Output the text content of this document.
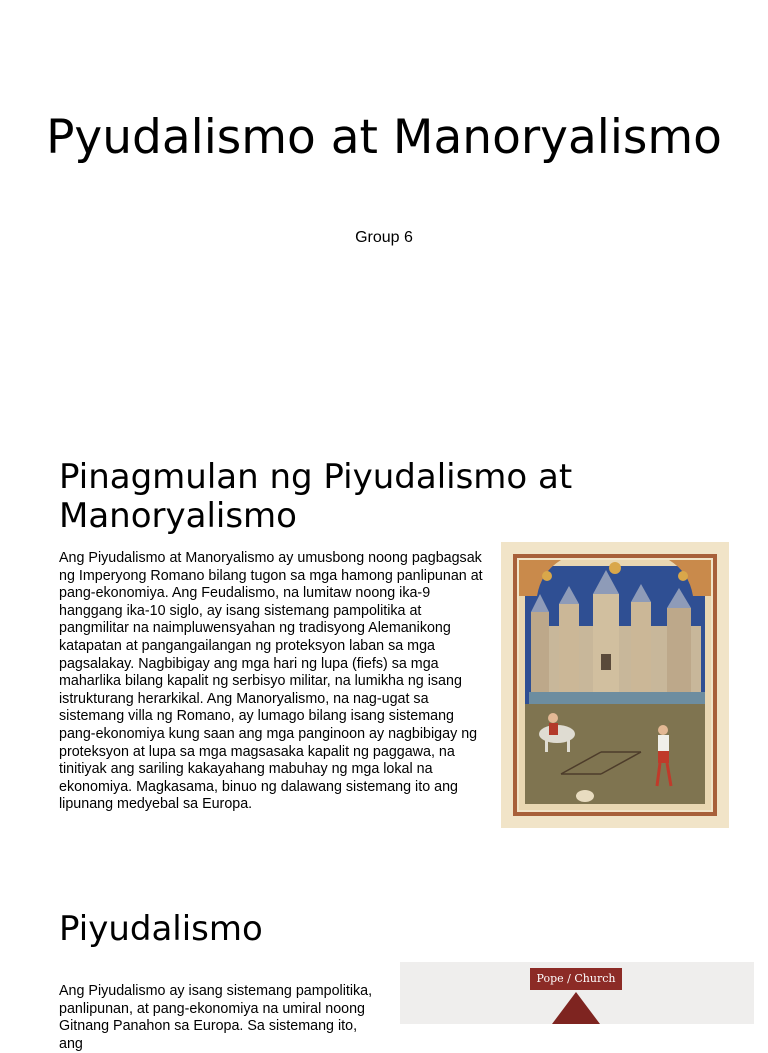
Pyudalismo at Manoryalismo
Group 6
Pinagmulan ng Piyudalismo at Manoryalismo

Ang Piyudalismo at Manoryalismo ay umusbong noong pagbagsak ng Imperyong Romano bilang tugon sa mga hamong panlipunan at pang-ekonomiya. Ang Feudalismo, na lumitaw noong ika-9 hanggang ika-10 siglo, ay isang sistemang pampolitika at pangmilitar na naimpluwensyahan ng tradisyong Alemanikong katapatan at pangangailangan ng proteksyon laban sa mga pagsalakay. Nagbibigay ang mga hari ng lupa (fiefs) sa mga maharlika bilang kapalit ng serbisyo militar, na lumikha ng isang istrukturang herarkikal. Ang Manoryalismo, na nag-ugat sa sistemang villa ng Romano, ay lumago bilang isang sistemang pang-ekonomiya kung saan ang mga panginoon ay nagbibigay ng proteksyon at lupa sa mga magsasaka kapalit ng paggawa, na tinitiyak ang sariling kakayahang mabuhay ng mga lokal na ekonomiya. Magkasama, binuo ng dalawang sistemang ito ang lipunang medyebal sa Europa.

Piyudalismo

Ang Piyudalismo ay isang sistemang pampolitika, panlipunan, at pang-ekonomiya na umiral noong Gitnang Panahon sa Europa. Sa sistemang ito, ang

Pope / Church
